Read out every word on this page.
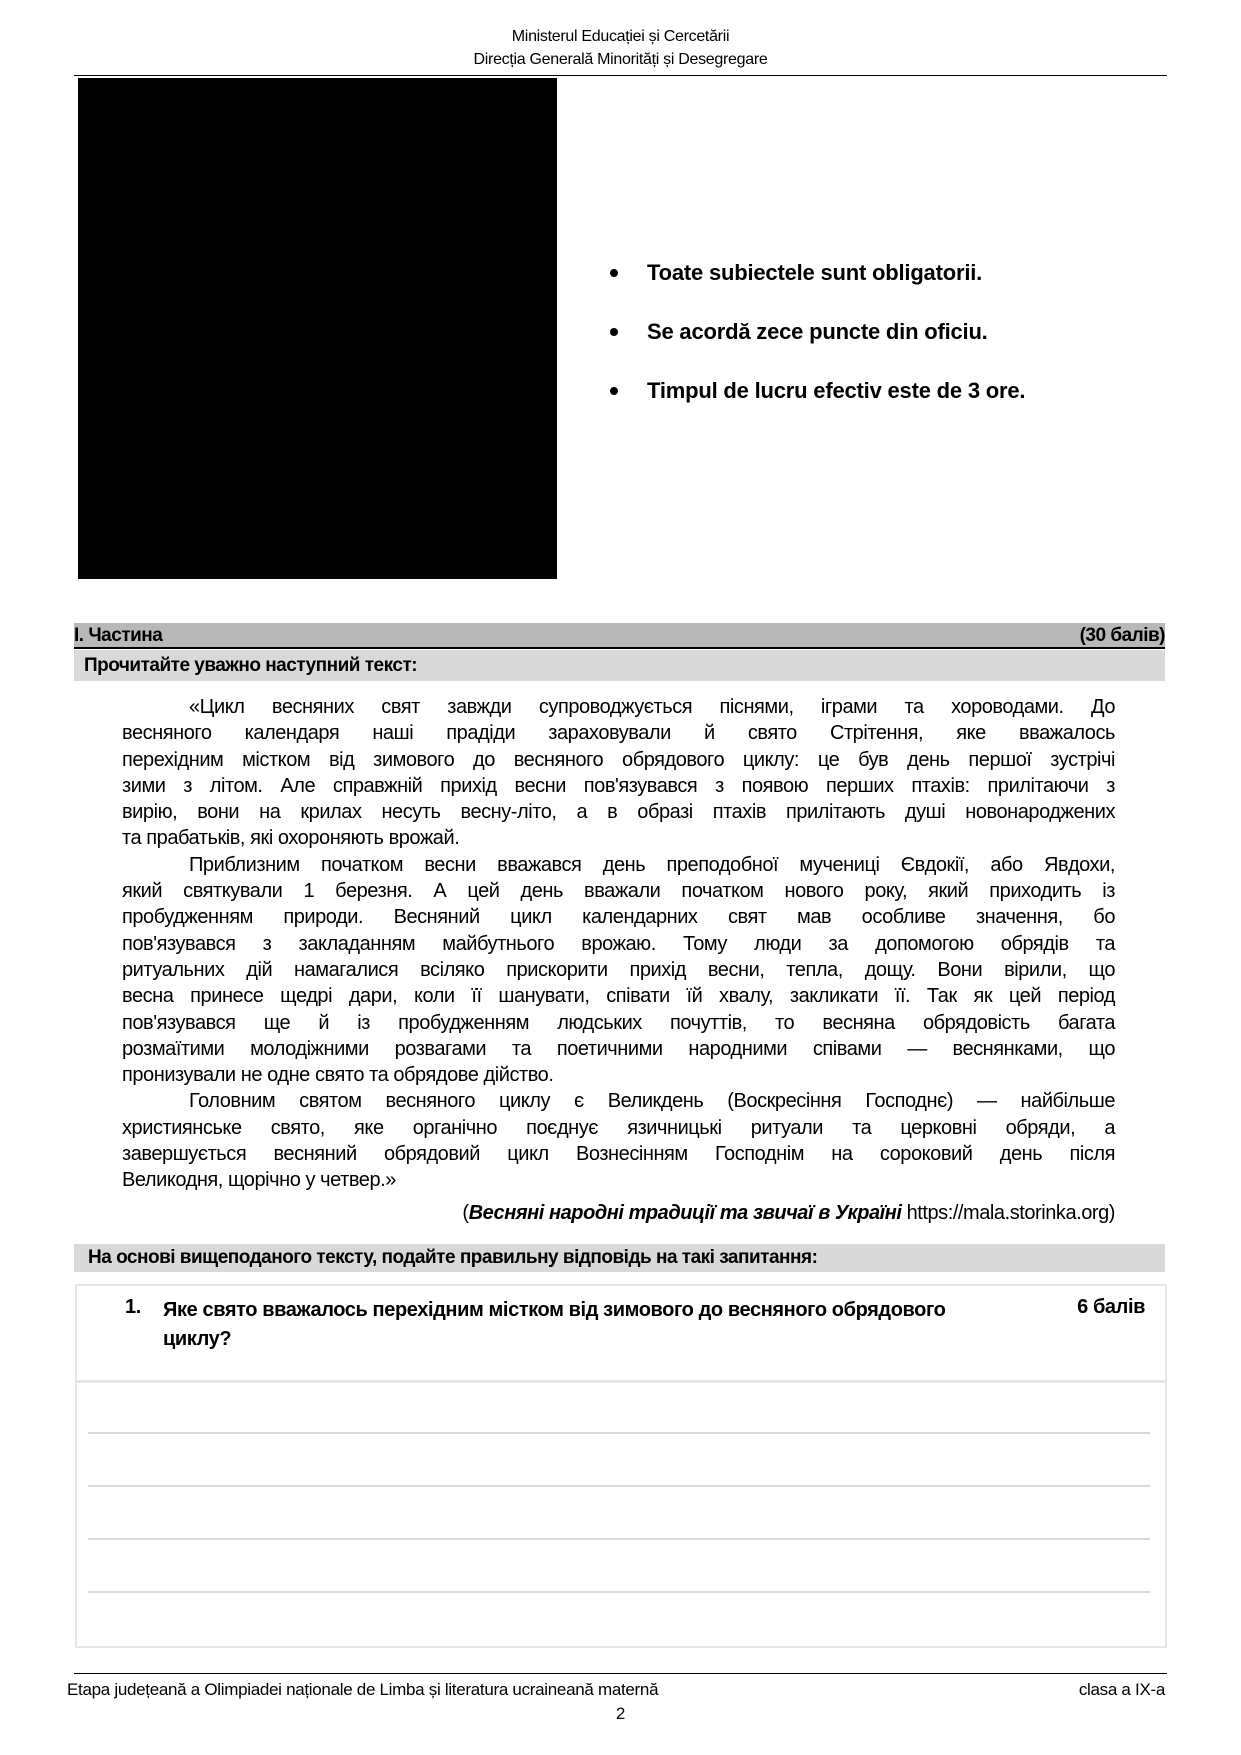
Ministerul Educației și Cercetării
Direcția Generală Minorități și Desegregare
Toate subiectele sunt obligatorii.
Se acordă zece puncte din oficiu.
Timpul de lucru efectiv este de 3 ore.
I. Частина	(30 балів)
Прочитайте уважно наступний текст:
«Цикл весняних свят завжди супроводжується піснями, іграми та хороводами. До
весняного календаря наші прадіди зараховували й свято Стрітення, яке вважалось
перехідним містком від зимового до весняного обрядового циклу: це був день першої зустрічі
зими з літом. Але справжній прихід весни пов'язувався з появою перших птахів: прилітаючи з
вирію, вони на крилах несуть весну-літо, а в образі птахів прилітають душі новонароджених
та прабатьків, які охороняють врожай.
Приблизним початком весни вважався день преподобної мучениці Євдокії, або Явдохи,
який святкували 1 березня. А цей день вважали початком нового року, який приходить із
пробудженням природи. Весняний цикл календарних свят мав особливе значення, бо
пов'язувався з закладанням майбутнього врожаю. Тому люди за допомогою обрядів та
ритуальних дій намагалися всіляко прискорити прихід весни, тепла, дощу. Вони вірили, що
весна принесе щедрі дари, коли її шанувати, співати їй хвалу, закликати її. Так як цей період
пов'язувався ще й із пробудженням людських почуттів, то весняна обрядовість багата
розмаїтими молодіжними розвагами та поетичними народними співами — веснянками, що
пронизували не одне свято та обрядове дійство.
Головним святом весняного циклу є Великдень (Воскресіння Господнє) — найбільше
християнське свято, яке органічно поєднує язичницькі ритуали та церковні обряди, а
завершується весняний обрядовий цикл Вознесінням Господнім на сороковий день після
Великодня, щорічно у четвер.»
(Весняні народні традиції та звичаї в Україні https://mala.storinka.org)
На основі вищеподаного тексту, подайте правильну відповідь на такі запитання:
1. Яке свято вважалось перехідним містком від зимового до весняного обрядового циклу?
6 балів
Etapa județeană a Olimpiadei naționale de Limba și literatura ucraineană maternă	clasa a IX-a
2
